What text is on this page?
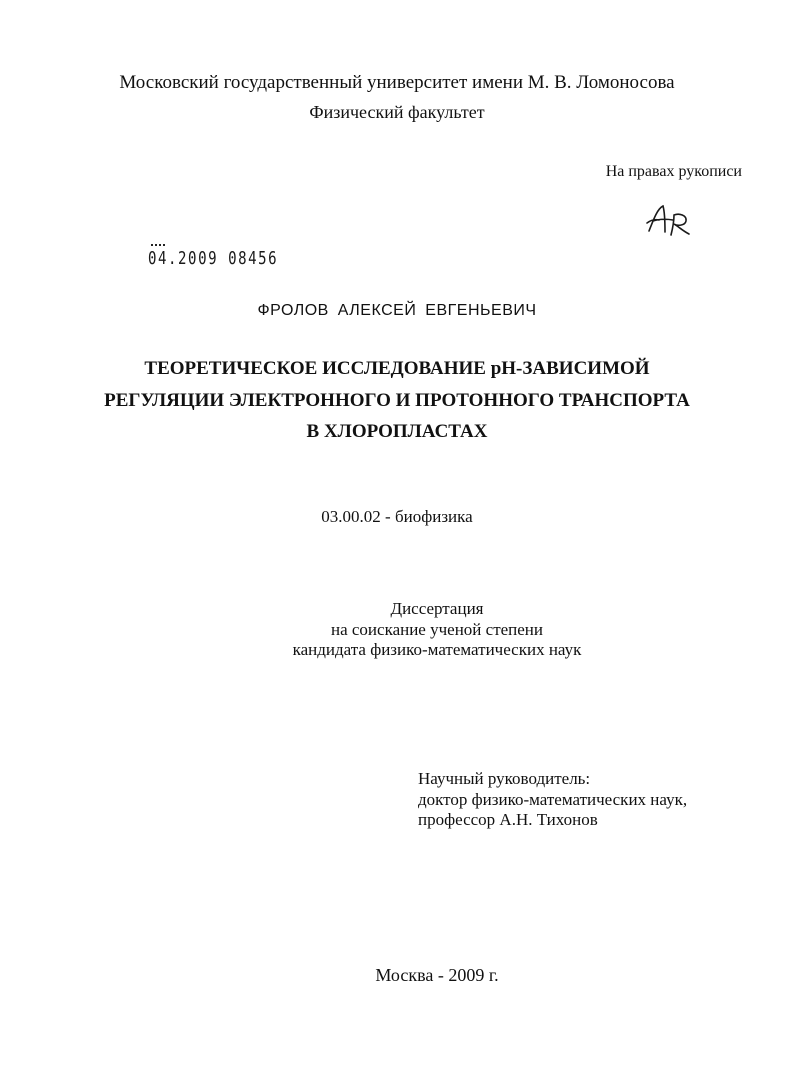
Московский государственный университет имени М. В. Ломоносова
Физический факультет
На правах рукописи
04.2009 08456
ФРОЛОВ АЛЕКСЕЙ ЕВГЕНЬЕВИЧ
ТЕОРЕТИЧЕСКОЕ ИССЛЕДОВАНИЕ pH-ЗАВИСИМОЙ
РЕГУЛЯЦИИ ЭЛЕКТРОННОГО И ПРОТОННОГО ТРАНСПОРТА
В ХЛОРОПЛАСТАХ
03.00.02 - биофизика
Диссертация
на соискание ученой степени
кандидата физико-математических наук
Научный руководитель:
доктор физико-математических наук,
профессор А.Н. Тихонов
Москва - 2009 г.
